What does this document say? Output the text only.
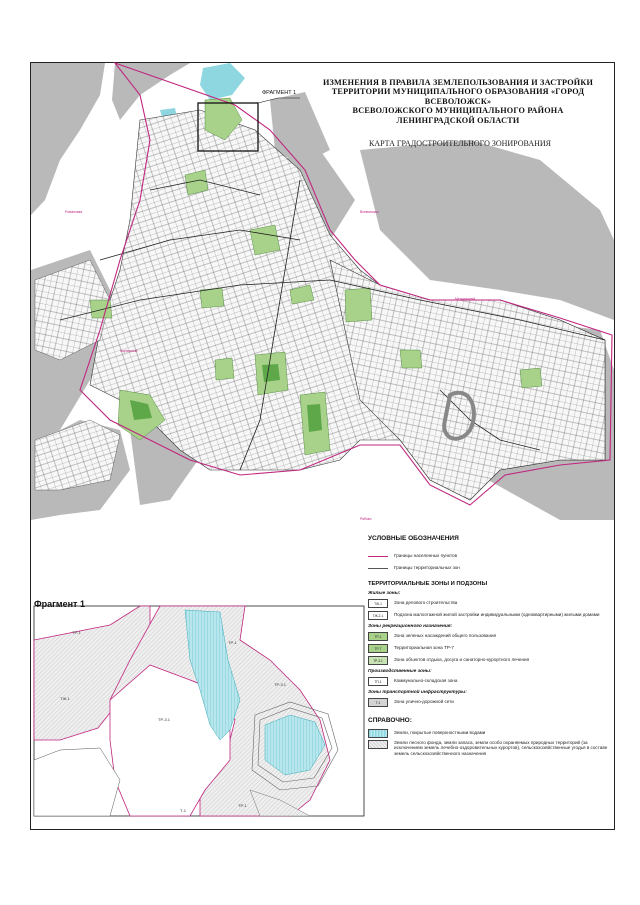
Романовка	Всеволожск
Кирпичный
Мельничный
Рябово
ИЗМЕНЕНИЯ В ПРАВИЛА ЗЕМЛЕПОЛЬЗОВАНИЯ И ЗАСТРОЙКИ
ТЕРРИТОРИИ МУНИЦИПАЛЬНОГО ОБРАЗОВАНИЯ «ГОРОД ВСЕВОЛОЖСК»
ВСЕВОЛОЖСКОГО МУНИЦИПАЛЬНОГО РАЙОНА
ЛЕНИНГРАДСКОЙ ОБЛАСТИ
КАРТА ГРАДОСТРОИТЕЛЬНОГО ЗОНИРОВАНИЯ
ФРАГМЕНТ 1
Фрагмент 1
ТР-1
ТР-3.1
ТР-3.1
ТР-1
ТР-1
Т-1
ТЖ-1
УСЛОВНЫЕ ОБОЗНАЧЕНИЯ
Границы населенных пунктов
Границы территориальных зон
ТЕРРИТОРИАЛЬНЫЕ ЗОНЫ И ПОДЗОНЫ
Жилые зоны:
ТЖ-1	Зона делового строительства
ТЖ-2-1	Подзона малоэтажной жилой застройки индивидуальными (одноквартирными) жилыми домами
Зоны рекреационного назначения:
ТР-1	Зона зеленых насаждений общего пользования
ТР-7	Территориальная зона ТР-7
ТР-3.1	Зона объектов отдыха, досуга и санаторно-курортного лечения
Производственные зоны:
ТП-1	Коммунально-складская зона
Зоны транспортной инфраструктуры:
Т-1	Зона улично-дорожной сети
СПРАВОЧНО:
Земли, покрытые поверхностными водами
Земли лесного фонда, земли запаса, земли особо охраняемых природных территорий (за исключением земель лечебно-оздоровительных курортов), сельскохозяйственные угодья в составе земель сельскохозяйственного назначения
